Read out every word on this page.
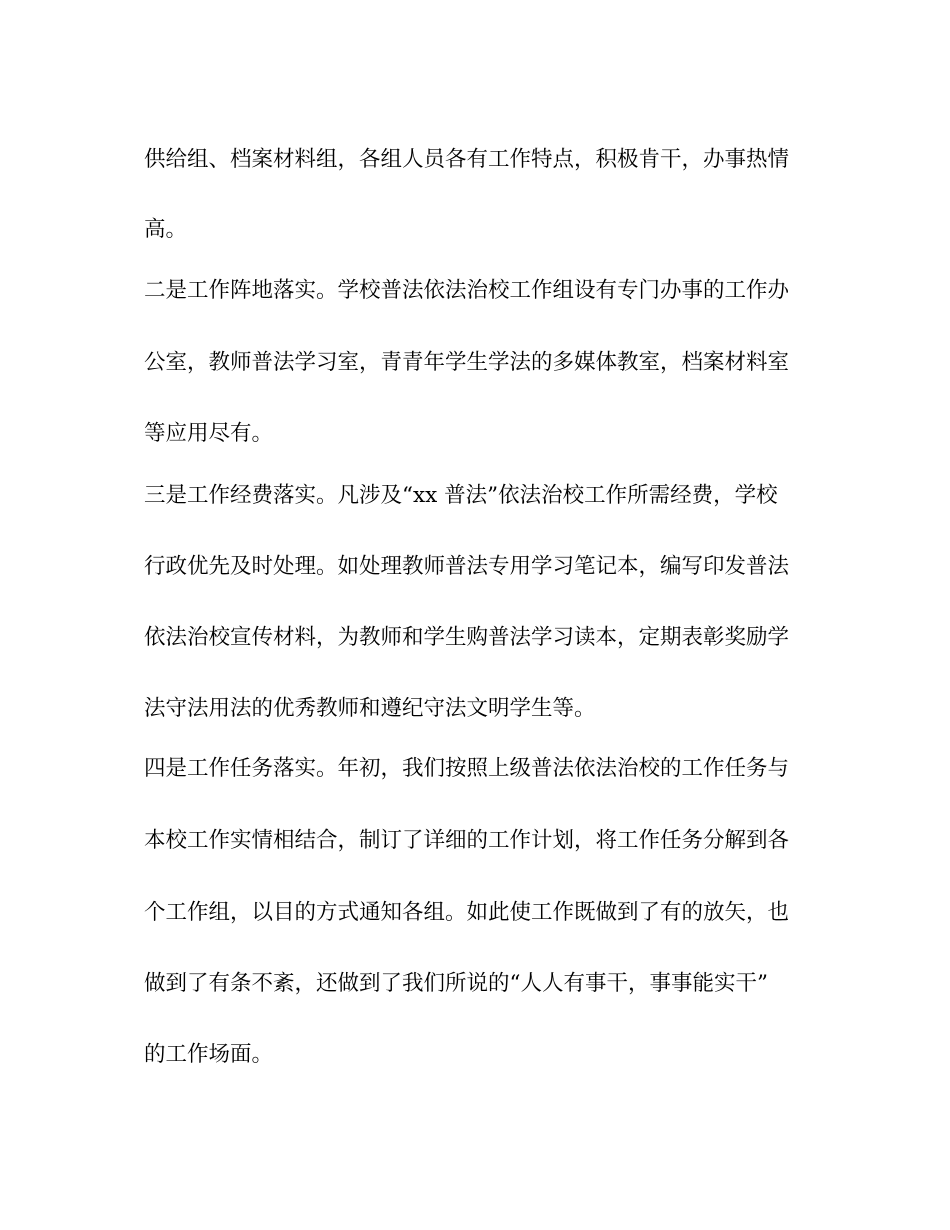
供给组、档案材料组，各组人员各有工作特点，积极肯干，办事热情
高。
二是工作阵地落实。学校普法依法治校工作组设有专门办事的工作办
公室，教师普法学习室，青青年学生学法的多媒体教室，档案材料室
等应用尽有。
三是工作经费落实。凡涉及“xx 普法”依法治校工作所需经费，学校
行政优先及时处理。如处理教师普法专用学习笔记本，编写印发普法
依法治校宣传材料，为教师和学生购普法学习读本，定期表彰奖励学
法守法用法的优秀教师和遵纪守法文明学生等。
四是工作任务落实。年初，我们按照上级普法依法治校的工作任务与
本校工作实情相结合，制订了详细的工作计划，将工作任务分解到各
个工作组，以目的方式通知各组。如此使工作既做到了有的放矢，也
做到了有条不紊，还做到了我们所说的“人人有事干，事事能实干”
的工作场面。
